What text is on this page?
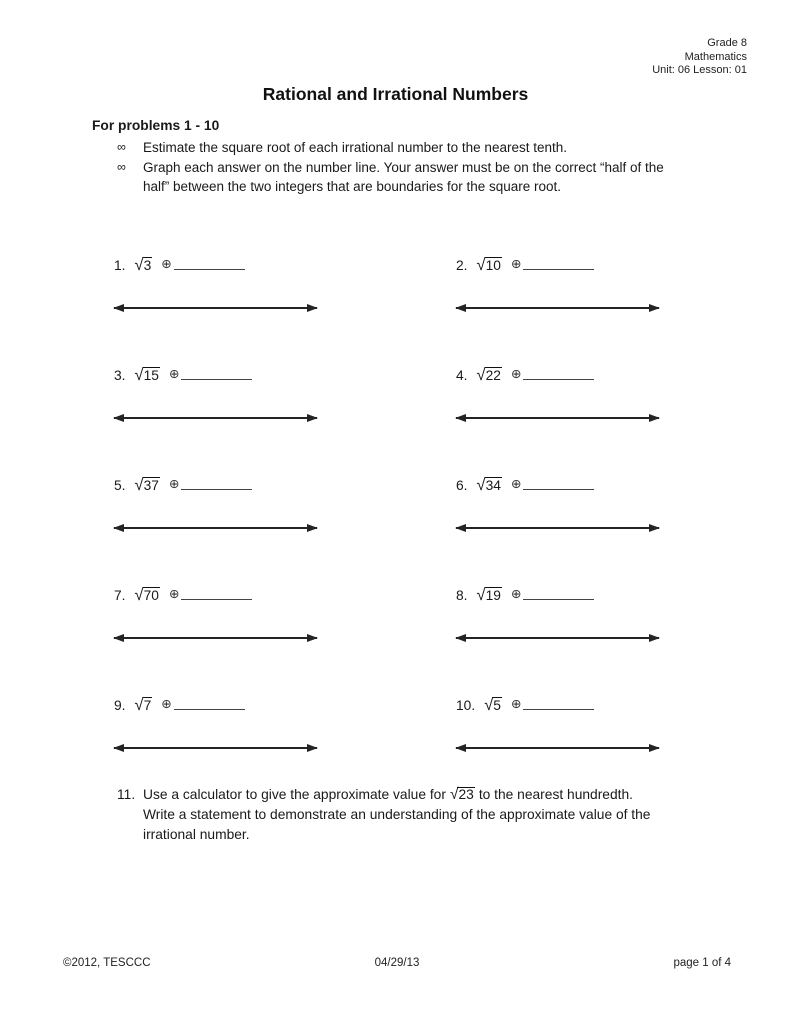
Grade 8
Mathematics
Unit: 06 Lesson: 01
Rational and Irrational Numbers
For problems 1 - 10
∞	Estimate the square root of each irrational number to the nearest tenth.
∞	Graph each answer on the number line. Your answer must be on the correct “half of the half” between the two integers that are boundaries for the square root.
1. √3 ⊕	2. √10 ⊕
3. √15 ⊕	4. √22 ⊕
5. √37 ⊕	6. √34 ⊕
7. √70 ⊕	8. √19 ⊕
9. √7 ⊕	10. √5 ⊕
11. Use a calculator to give the approximate value for √23 to the nearest hundredth. Write a statement to demonstrate an understanding of the approximate value of the irrational number.
©2012, TESCCC	04/29/13	page 1 of 4
